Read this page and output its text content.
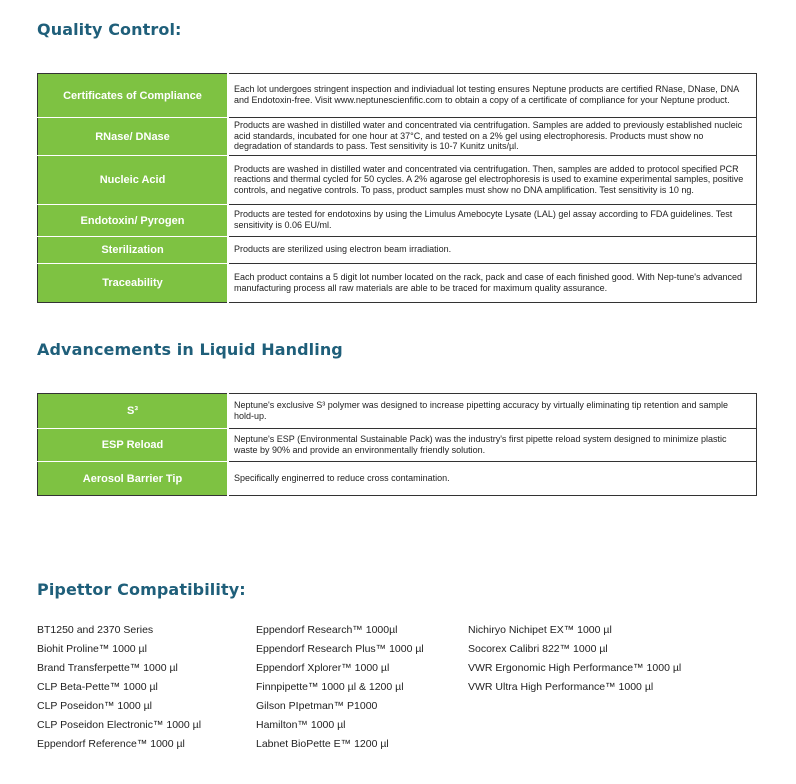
Quality Control:
Certificates of Compliance	Each lot undergoes stringent inspection and indiviadual lot testing ensures Neptune products are certified RNase, DNase, DNA and Endotoxin-free. Visit www.neptunescienfific.com to obtain a copy of a certificate of compliance for your Neptune product.
RNase/ DNase	Products are washed in distilled water and concentrated via centrifugation. Samples are added to previously established nucleic acid standards, incubated for one hour at 37°C, and tested on a 2% gel using electrophoresis. Products must show no degradation of standards to pass. Test sensitivity is 10-7 Kunitz units/µl.
Nucleic Acid	Products are washed in distilled water and concentrated via centrifugation. Then, samples are added to protocol specified PCR reactions and thermal cycled for 50 cycles. A 2% agarose gel electrophoresis is used to examine experimental samples, positive controls, and negative controls. To pass, product samples must show no DNA amplification. Test sensitivity is 10 ng.
Endotoxin/ Pyrogen	Products are tested for endotoxins by using the Limulus Amebocyte Lysate (LAL) gel assay according to FDA guidelines. Test sensitivity is 0.06 EU/ml.
Sterilization	Products are sterilized using electron beam irradiation.
Traceability	Each product contains a 5 digit lot number located on the rack, pack and case of each finished good. With Nep-tune's advanced manufacturing process all raw materials are able to be traced for maximum quality assurance.
Advancements in Liquid Handling
S³	Neptune's exclusive S³ polymer was designed to increase pipetting accuracy by virtually eliminating tip retention and sample hold-up.
ESP Reload	Neptune's ESP (Environmental Sustainable Pack) was the industry's first pipette reload system designed to minimize plastic waste by 90% and provide an environmentally friendly solution.
Aerosol Barrier Tip	Specifically enginerred to reduce cross contamination.
Pipettor Compatibility:
BT1250 and 2370 Series
Biohit Proline™ 1000 µl
Brand Transferpette™ 1000 µl
CLP Beta-Pette™ 1000 µl
CLP Poseidon™ 1000 µl
CLP Poseidon Electronic™ 1000 µl
Eppendorf Reference™ 1000 µl
Eppendorf Research™ 1000µl
Eppendorf Research Plus™ 1000 µl
Eppendorf Xplorer™ 1000 µl
Finnpipette™ 1000 µl & 1200 µl
Gilson PIpetman™ P1000
Hamilton™ 1000 µl
Labnet BioPette E™ 1200 µl
Nichiryo Nichipet EX™ 1000 µl
Socorex Calibri 822™ 1000 µl
VWR Ergonomic High Performance™ 1000 µl
VWR Ultra High Performance™ 1000 µl
